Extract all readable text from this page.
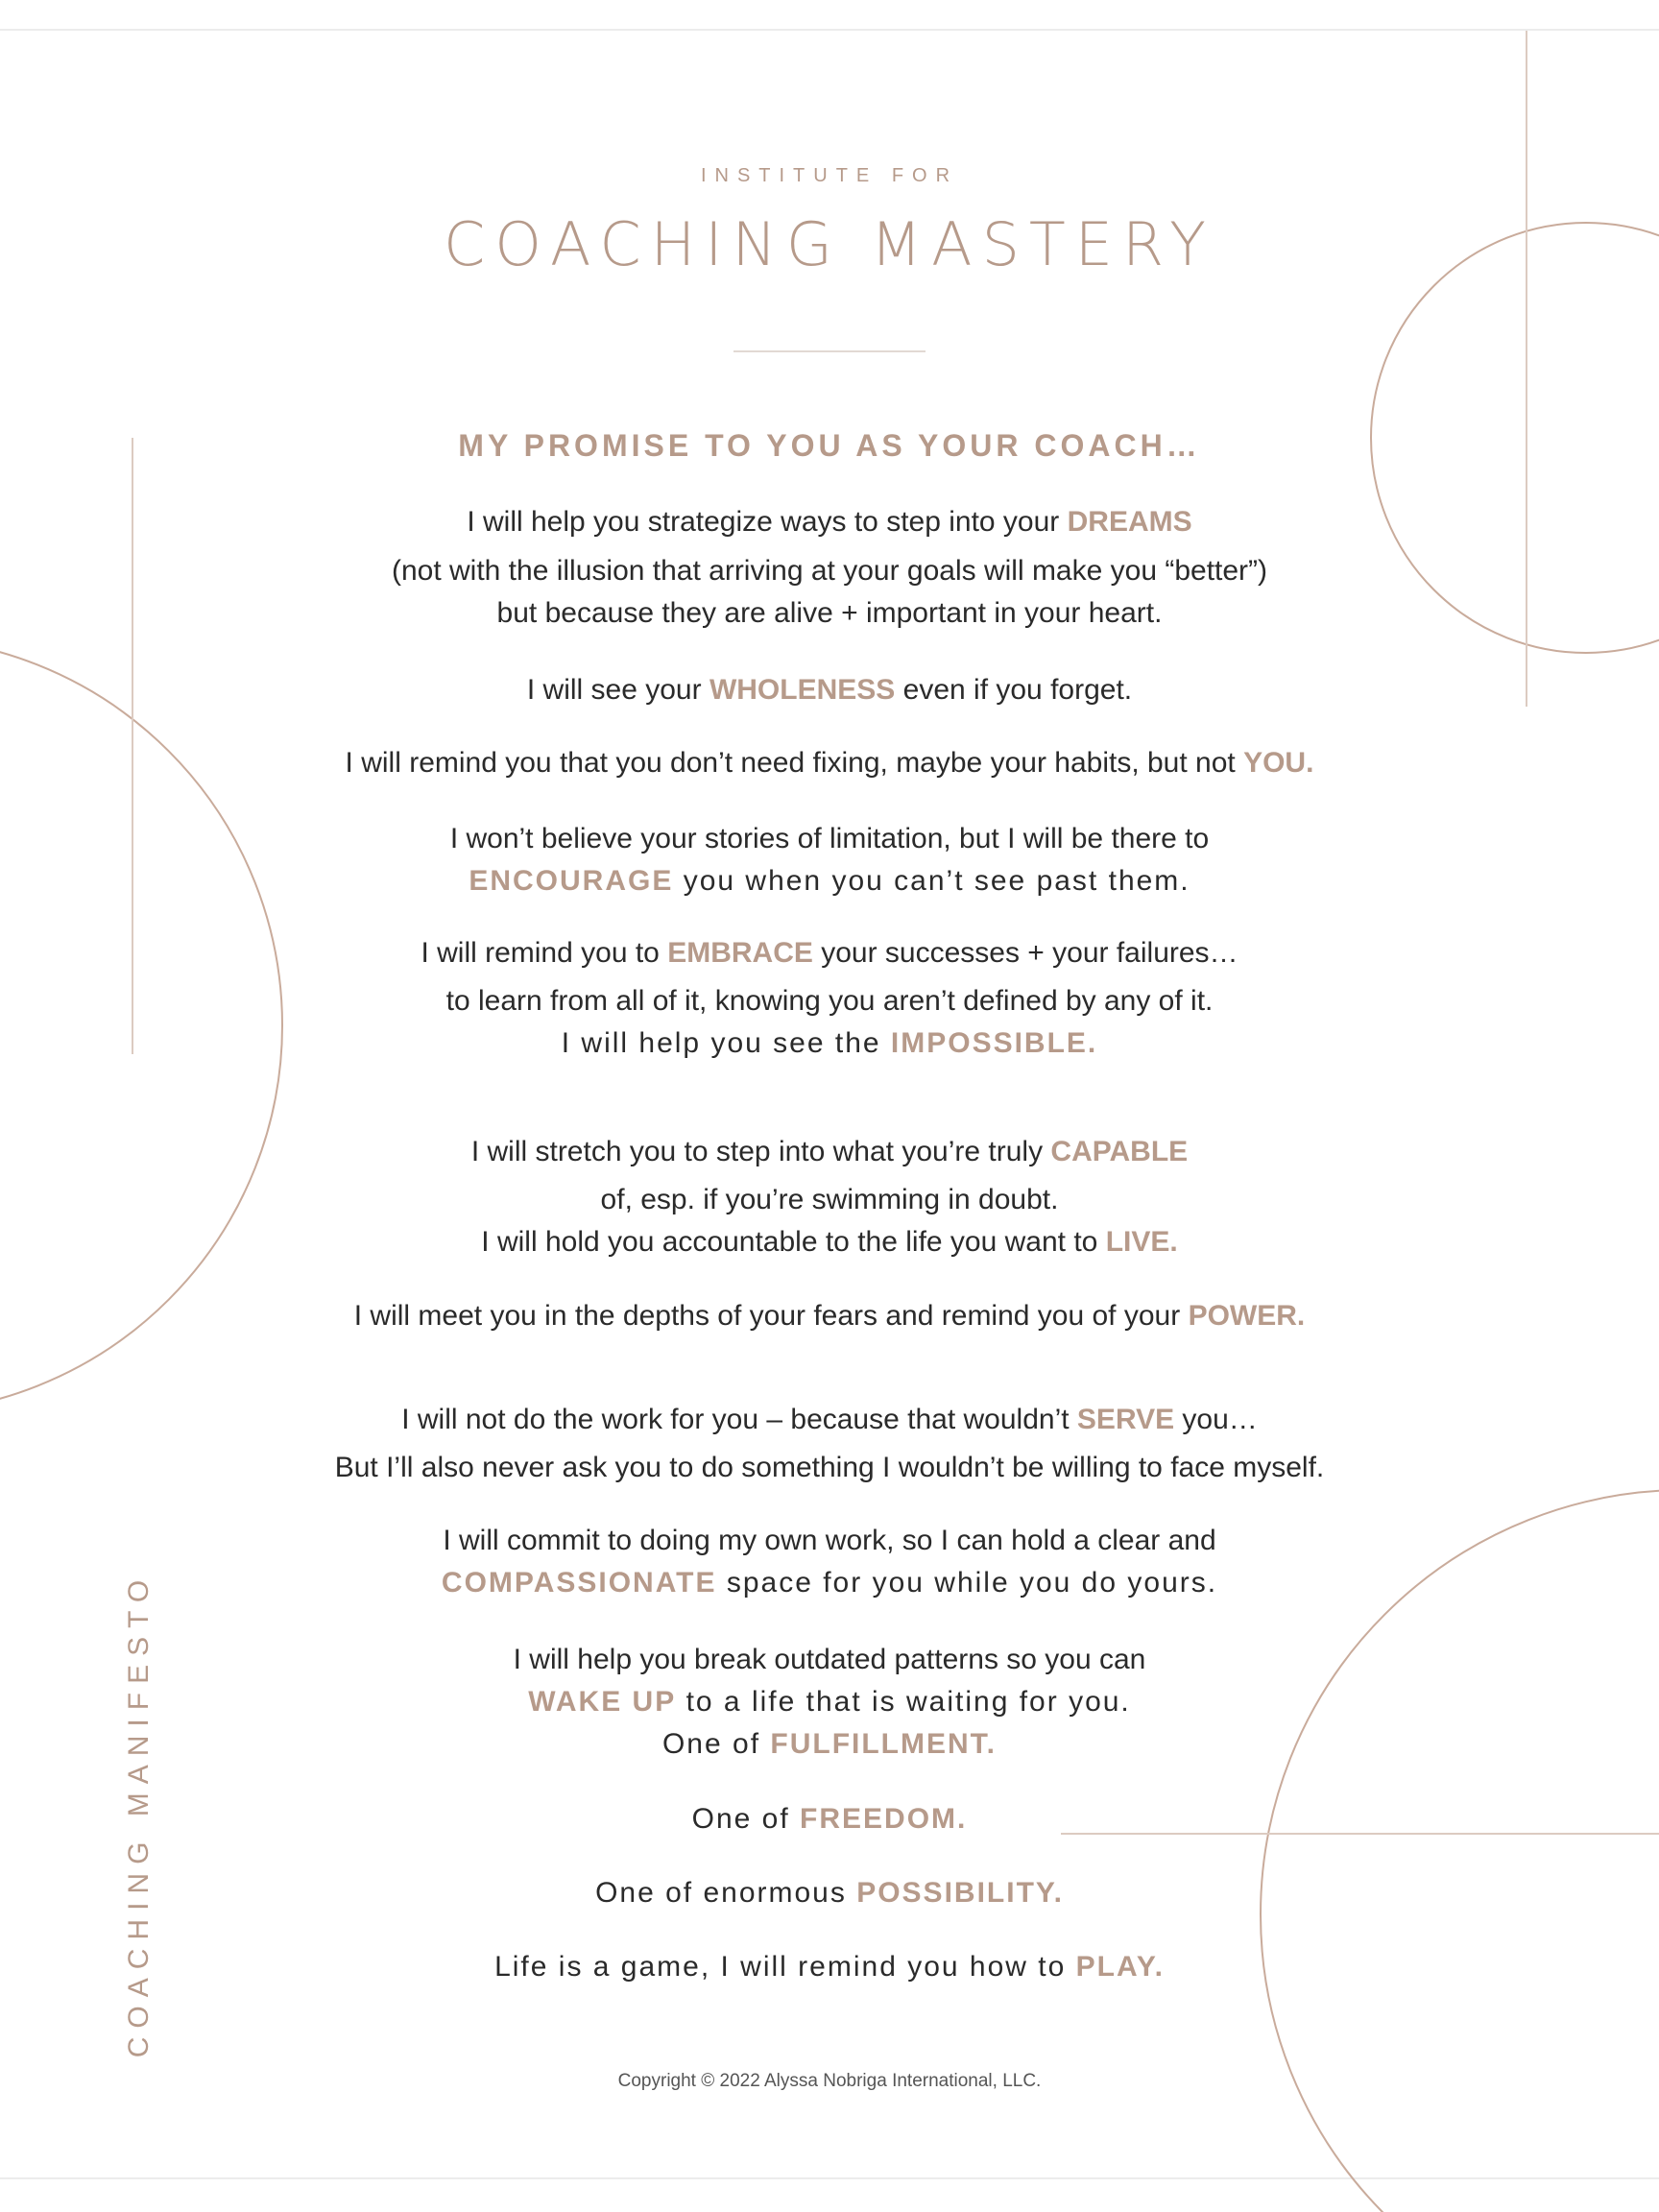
INSTITUTE FOR
COACHING MASTERY
COACHING MANIFESTO
MY PROMISE TO YOU AS YOUR COACH…
I will help you strategize ways to step into your DREAMS
(not with the illusion that arriving at your goals will make you “better”)
but because they are alive + important in your heart.
I will see your WHOLENESS even if you forget.
I will remind you that you don’t need fixing, maybe your habits, but not YOU.
I won’t believe your stories of limitation, but I will be there to
ENCOURAGE you when you can’t see past them.
I will remind you to EMBRACE your successes + your failures…
to learn from all of it, knowing you aren’t defined by any of it.
I will help you see the IMPOSSIBLE.
I will stretch you to step into what you’re truly CAPABLE
of, esp. if you’re swimming in doubt.
I will hold you accountable to the life you want to LIVE.
I will meet you in the depths of your fears and remind you of your POWER.
I will not do the work for you – because that wouldn’t SERVE you…
But I’ll also never ask you to do something I wouldn’t be willing to face myself.
I will commit to doing my own work, so I can hold a clear and
COMPASSIONATE space for you while you do yours.
I will help you break outdated patterns so you can
WAKE UP to a life that is waiting for you.
One of FULFILLMENT.
One of FREEDOM.
One of enormous POSSIBILITY.
Life is a game, I will remind you how to PLAY.
Copyright © 2022 Alyssa Nobriga International, LLC.
